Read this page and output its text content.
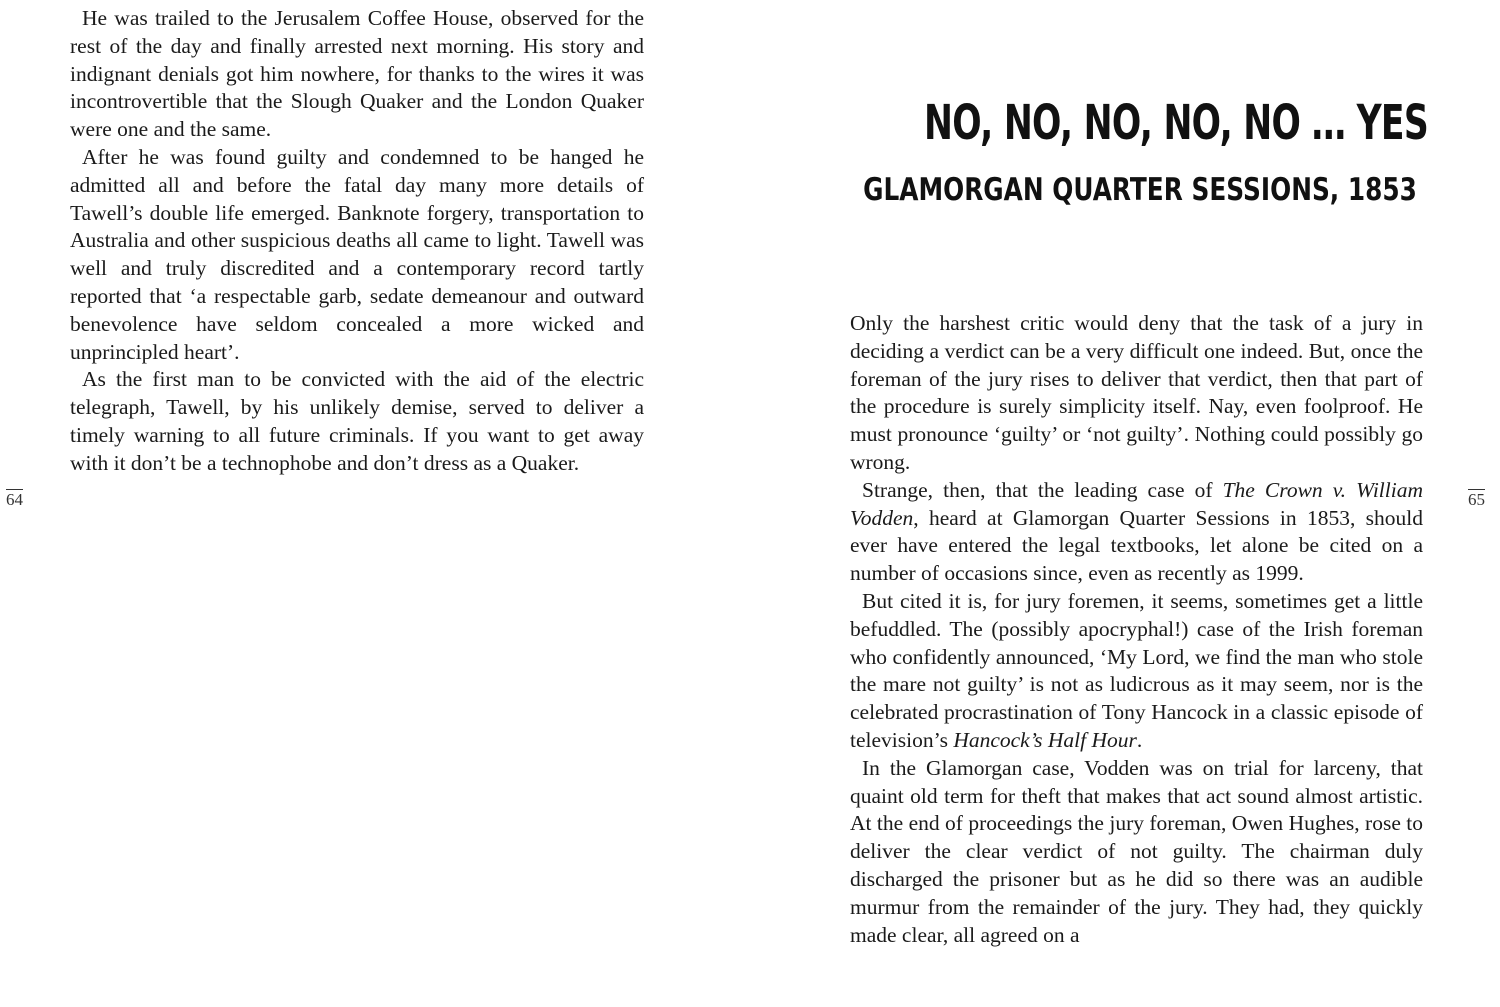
He was trailed to the Jerusalem Coffee House, observed for the rest of the day and finally arrested next morning. His story and indignant denials got him nowhere, for thanks to the wires it was incontrovertible that the Slough Quaker and the London Quaker were one and the same.

After he was found guilty and condemned to be hanged he admitted all and before the fatal day many more details of Tawell’s double life emerged. Banknote forgery, transportation to Australia and other suspicious deaths all came to light. Tawell was well and truly discredited and a contemporary record tartly reported that ‘a respectable garb, sedate demeanour and outward benevolence have seldom concealed a more wicked and unprincipled heart’.

As the first man to be convicted with the aid of the electric telegraph, Tawell, by his unlikely demise, served to deliver a timely warning to all future criminals. If you want to get away with it don’t be a technophobe and don’t dress as a Quaker.

64
NO, NO, NO, NO, NO … YES
GLAMORGAN QUARTER SESSIONS, 1853

Only the harshest critic would deny that the task of a jury in deciding a verdict can be a very difficult one indeed. But, once the foreman of the jury rises to deliver that verdict, then that part of the procedure is surely simplicity itself. Nay, even foolproof. He must pronounce ‘guilty’ or ‘not guilty’. Nothing could possibly go wrong.

Strange, then, that the leading case of The Crown v. William Vodden, heard at Glamorgan Quarter Sessions in 1853, should ever have entered the legal textbooks, let alone be cited on a number of occasions since, even as recently as 1999.

But cited it is, for jury foremen, it seems, sometimes get a little befuddled. The (possibly apocryphal!) case of the Irish foreman who confidently announced, ‘My Lord, we find the man who stole the mare not guilty’ is not as ludicrous as it may seem, nor is the celebrated procrastination of Tony Hancock in a classic episode of television’s Hancock’s Half Hour.

In the Glamorgan case, Vodden was on trial for larceny, that quaint old term for theft that makes that act sound almost artistic. At the end of proceedings the jury foreman, Owen Hughes, rose to deliver the clear verdict of not guilty. The chairman duly discharged the prisoner but as he did so there was an audible murmur from the remainder of the jury. They had, they quickly made clear, all agreed on a

65
